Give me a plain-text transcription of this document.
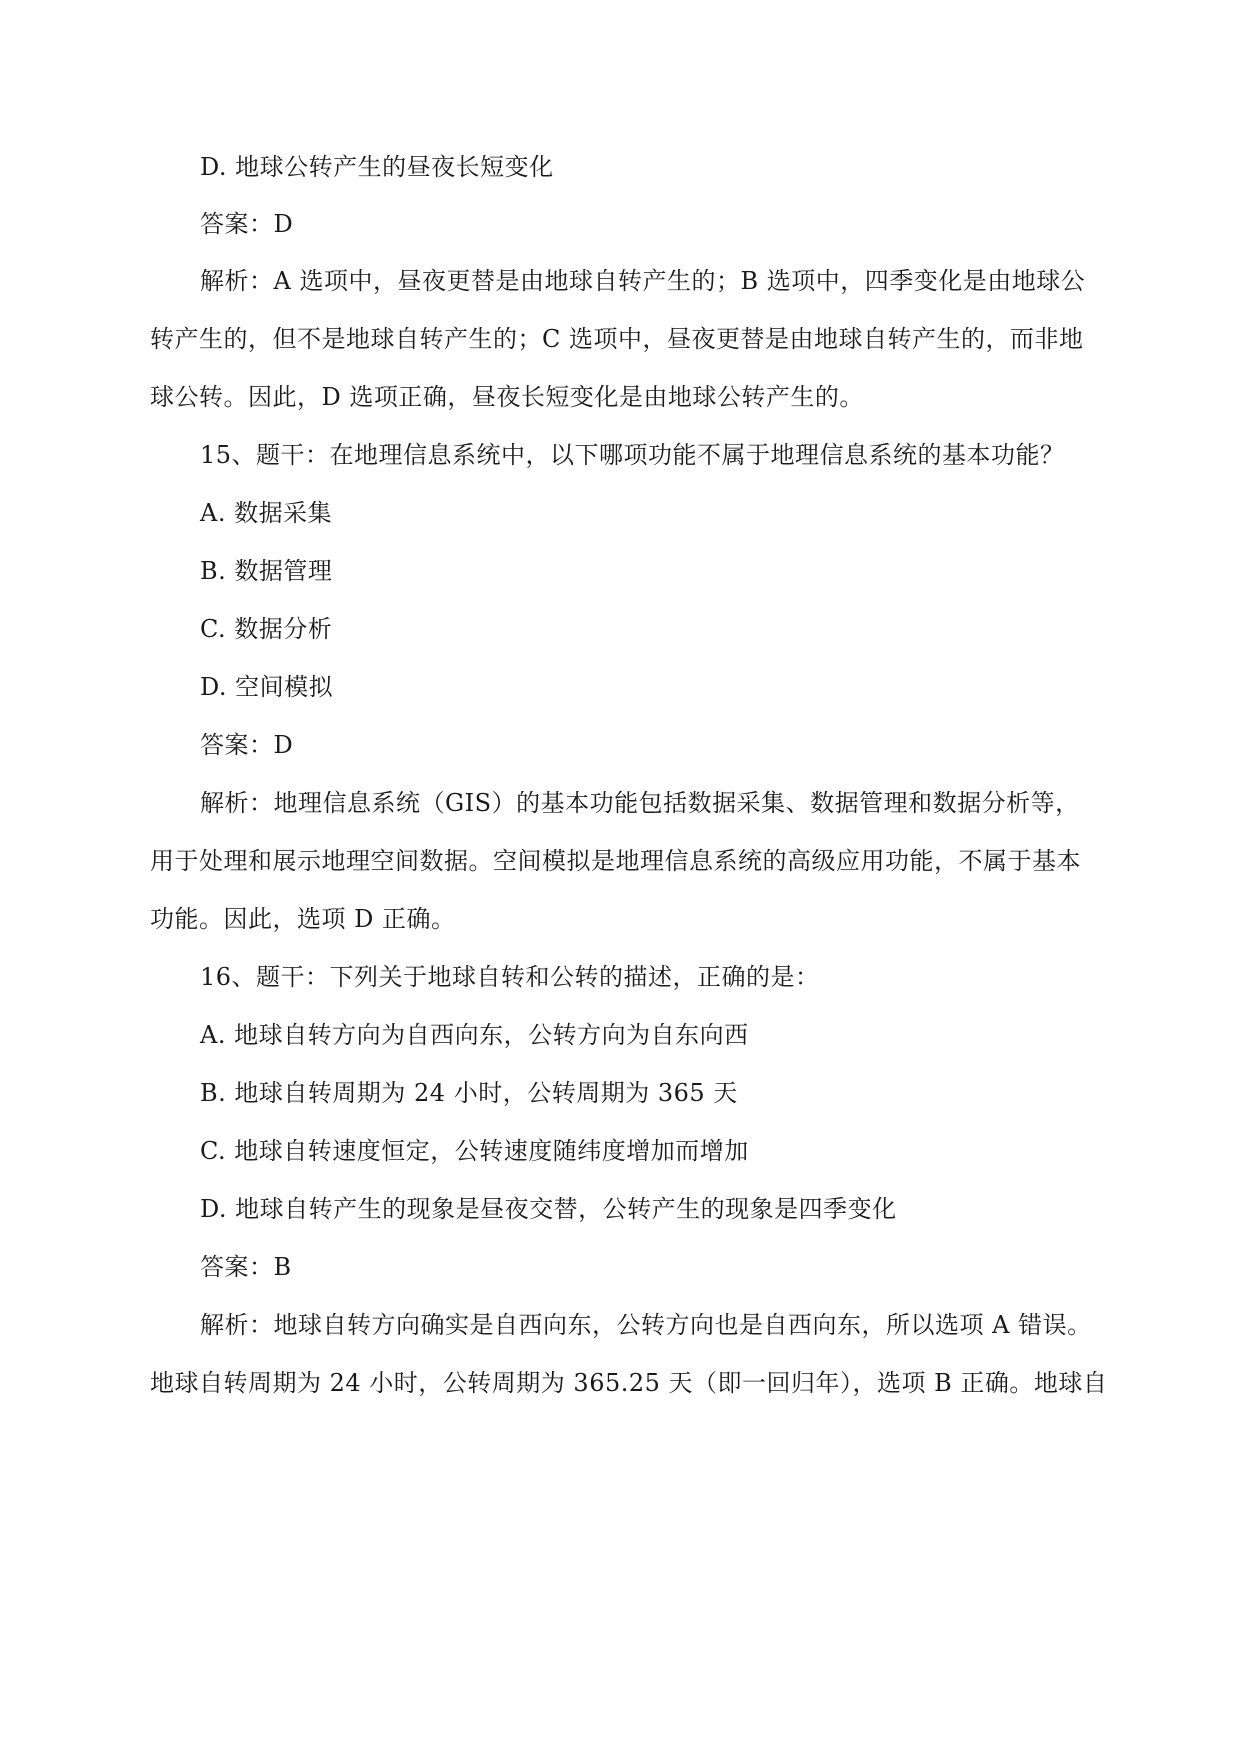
D. 地球公转产生的昼夜长短变化
答案：D
解析：A 选项中，昼夜更替是由地球自转产生的；B 选项中，四季变化是由地球公
转产生的，但不是地球自转产生的；C 选项中，昼夜更替是由地球自转产生的，而非地
球公转。因此，D 选项正确，昼夜长短变化是由地球公转产生的。
15、题干：在地理信息系统中，以下哪项功能不属于地理信息系统的基本功能？
A. 数据采集
B. 数据管理
C. 数据分析
D. 空间模拟
答案：D
解析：地理信息系统（GIS）的基本功能包括数据采集、数据管理和数据分析等，
用于处理和展示地理空间数据。空间模拟是地理信息系统的高级应用功能，不属于基本
功能。因此，选项 D 正确。
16、题干：下列关于地球自转和公转的描述，正确的是：
A. 地球自转方向为自西向东，公转方向为自东向西
B. 地球自转周期为 24 小时，公转周期为 365 天
C. 地球自转速度恒定，公转速度随纬度增加而增加
D. 地球自转产生的现象是昼夜交替，公转产生的现象是四季变化
答案：B
解析：地球自转方向确实是自西向东，公转方向也是自西向东，所以选项 A 错误。
地球自转周期为 24 小时，公转周期为 365.25 天（即一回归年），选项 B 正确。地球自
